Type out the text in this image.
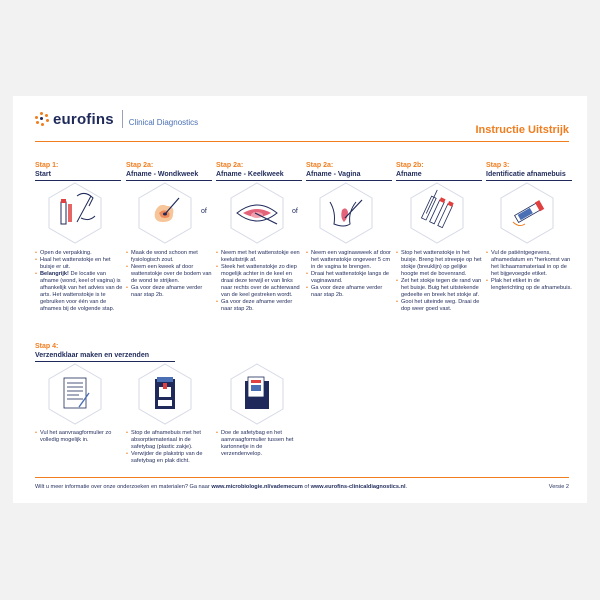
eurofins Clinical Diagnostics
Instructie Uitstrijk
Stap 1:
Start
• Open de verpakking.
• Haal het wattenstokje en het buisje er uit.
• Belangrijk! De locatie van afname (wond, keel of vagina) is afhankelijk van het advies van de arts. Het wattenstokje is te gebruiken voor één van de afnames bij de volgende stap.
Stap 2a:
Afname - Wondkweek
of
• Maak de wond schoon met fysiologisch zout.
• Neem een kweek af door wattenstokje over de bodem van de wond te strijken.
• Ga voor deze afname verder naar stap 2b.
Stap 2a:
Afname - Keelkweek
of
• Neem met het wattenstokje een keeluitstrijk af.
• Steek het wattenstokje zo diep mogelijk achter in de keel en draai deze terwijl er van links naar rechts over de achterwand van de keel gestreken wordt.
• Ga voor deze afname verder naar stap 2b.
Stap 2a:
Afname - Vagina
• Neem een vaginawweek af door het wattenstokje ongeveer 5 cm in de vagina te brengen.
• Draai het wattenstokje langs de vaginawand.
• Ga voor deze afname verder naar stap 2b.
Stap 2b:
Afname
• Stop het wattenstokje in het buisje. Breng het streepje op het stokje (breuklijn) op gelijke hoogte met de bovenrand.
• Zet het stokje tegen de rand van het buisje. Buig het uitstekende gedeelte en breek het stokje af.
• Gooi het uiteinde weg. Draai de dop weer goed vast.
Stap 3:
Identificatie afnamebuis
• Vul de patiëntgegevens, afnamedatum en *herkomst van het lichaamsmateriaal in op de het bijgevoegde etiket.
• Plak het etiket in de lengterichting op de afnamebuis.
Stap 4:
Verzendklaar maken en verzenden
• Vul het aanvraagformulier zo volledig mogelijk in.
• Stop de afnamebuis met het absorptiemateriaal in de safetybag (plastic zakje).
• Verwijder de plakstrip van de safetybag en plak dicht.
• Doe de safetybag en het aanvraagformulier tussen het kartonnetje in de verzendenvelop.
Wilt u meer informatie over onze onderzoeken en materialen? Ga naar www.microbiologie.nl/vademecum of www.eurofins-clinicaldiagnostics.nl.	Versie 2
